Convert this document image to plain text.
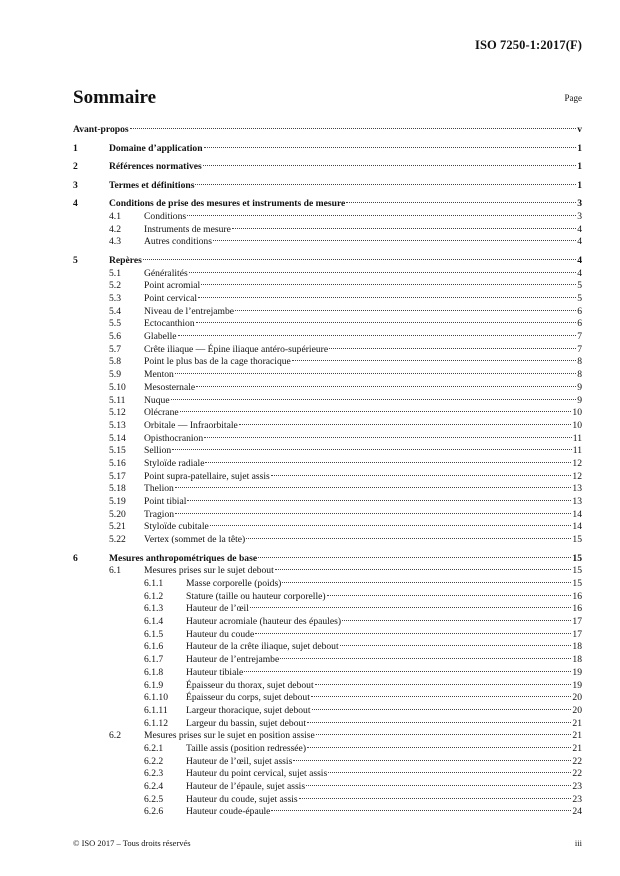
ISO 7250-1:2017(F)
Sommaire	Page
Avant-propos	v
1	Domaine d’application	1
2	Références normatives	1
3	Termes et définitions	1
4	Conditions de prise des mesures et instruments de mesure	3
4.1 Conditions	3
4.2 Instruments de mesure	4
4.3 Autres conditions	4
5	Repères	4
5.1 Généralités	4
5.2 Point acromial	5
5.3 Point cervical	5
5.4 Niveau de l’entrejambe	6
5.5 Ectocanthion	6
5.6 Glabelle	7
5.7 Crête iliaque — Épine iliaque antéro-supérieure	7
5.8 Point le plus bas de la cage thoracique	8
5.9 Menton	8
5.10 Mesosternale	9
5.11 Nuque	9
5.12 Olécrane	10
5.13 Orbitale — Infraorbitale	10
5.14 Opisthocranion	11
5.15 Sellion	11
5.16 Styloïde radiale	12
5.17 Point supra-patellaire, sujet assis	12
5.18 Thelion	13
5.19 Point tibial	13
5.20 Tragion	14
5.21 Styloïde cubitale	14
5.22 Vertex (sommet de la tête)	15
6	Mesures anthropométriques de base	15
6.1 Mesures prises sur le sujet debout	15
6.1.1 Masse corporelle (poids)	15
6.1.2 Stature (taille ou hauteur corporelle)	16
6.1.3 Hauteur de l’œil	16
6.1.4 Hauteur acromiale (hauteur des épaules)	17
6.1.5 Hauteur du coude	17
6.1.6 Hauteur de la crête iliaque, sujet debout	18
6.1.7 Hauteur de l’entrejambe	18
6.1.8 Hauteur tibiale	19
6.1.9 Épaisseur du thorax, sujet debout	19
6.1.10 Épaisseur du corps, sujet debout	20
6.1.11 Largeur thoracique, sujet debout	20
6.1.12 Largeur du bassin, sujet debout	21
6.2 Mesures prises sur le sujet en position assise	21
6.2.1 Taille assis (position redressée)	21
6.2.2 Hauteur de l’œil, sujet assis	22
6.2.3 Hauteur du point cervical, sujet assis	22
6.2.4 Hauteur de l’épaule, sujet assis	23
6.2.5 Hauteur du coude, sujet assis	23
6.2.6 Hauteur coude-épaule	24
© ISO 2017 – Tous droits réservés	iii
